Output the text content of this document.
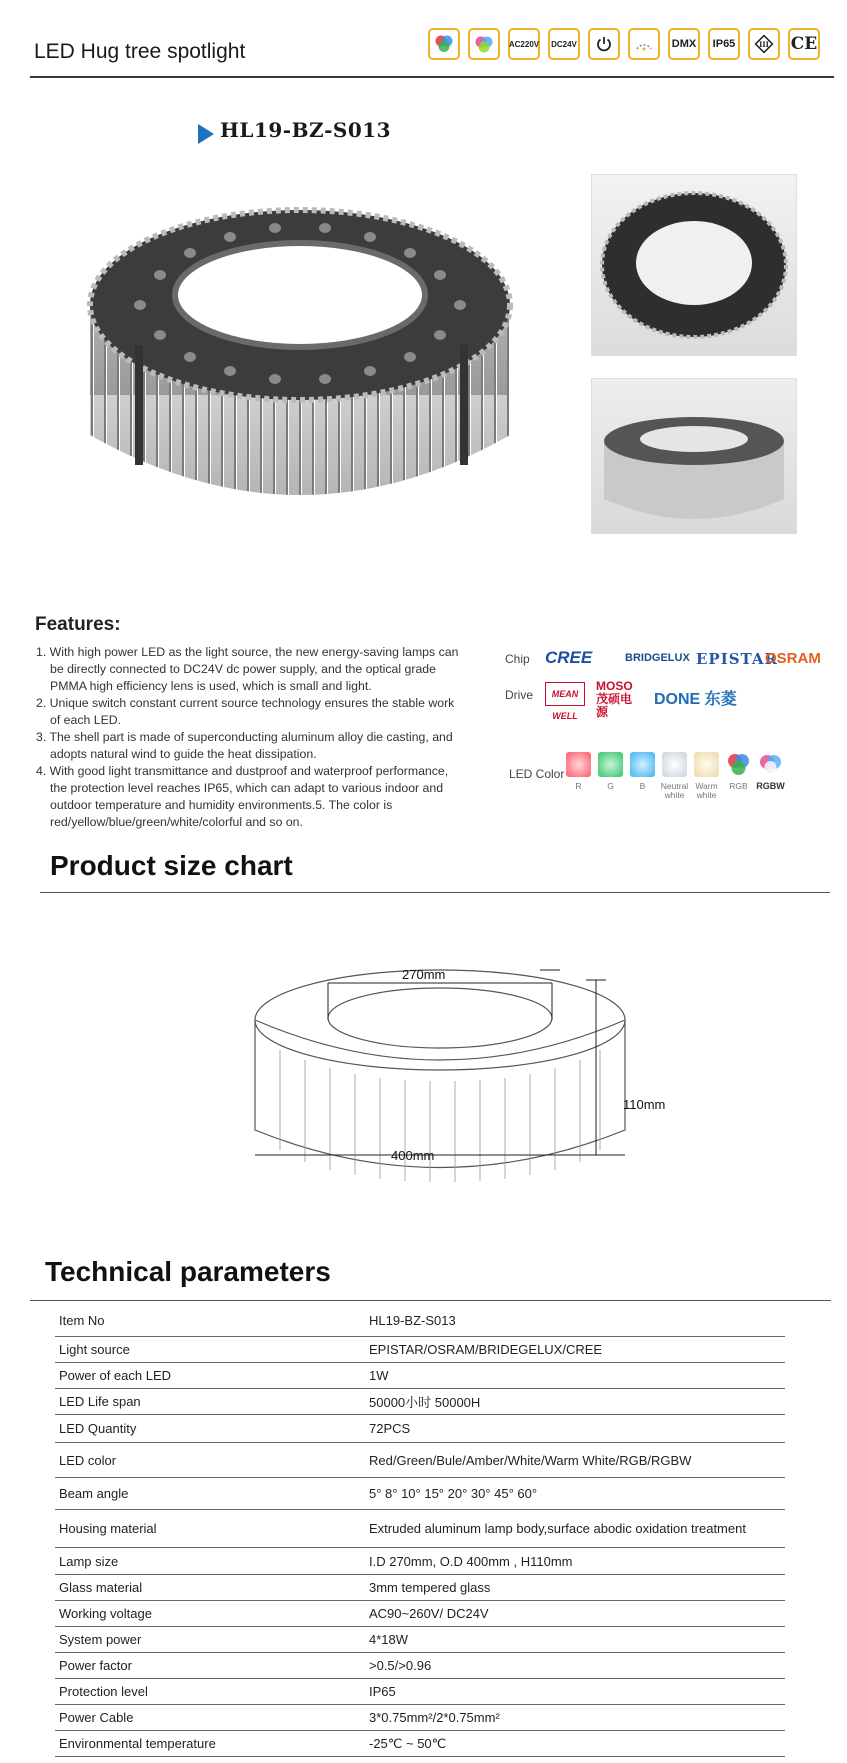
LED Hug tree spotlight	AC220V	DC24V	DMX	IP65	III CE
HL19-BZ-S013
Features:
1. With high power LED as the light source, the new energy-saving lamps can be directly connected to DC24V dc power supply, and the optical grade PMMA high efficiency lens is used, which is small and light.
2. Unique switch constant current source technology ensures the stable work of each LED.
3. The shell part is made of superconducting aluminum alloy die casting, and adopts natural wind to guide the heat dissipation.
4. With good light transmittance and dustproof and waterproof performance, the protection level reaches IP65, which can adapt to various indoor and outdoor temperature and humidity environments.5. The color is red/yellow/blue/green/white/colorful and so on.
Chip CREE	BRIDGELUX EPISTAR
OSRAM
Drive	MEAN WELL
MOSO 茂硕电源
DONE 东菱
LED Color
R	G	B Neutral white
Warm white
RGB RGBW
Product size chart
270mm
400mm
110mm
Technical parameters
Item No	HL19-BZ-S013
Light source	EPISTAR/OSRAM/BRIDEGELUX/CREE
Power of each LED	1W
LED Life span	50000小时 50000H
LED Quantity	72PCS
LED color	Red/Green/Bule/Amber/White/Warm White/RGB/RGBW
Beam angle	5° 8° 10° 15° 20° 30° 45° 60°
Housing material	Extruded aluminum lamp body,surface abodic oxidation treatment
Lamp size	I.D 270mm, O.D 400mm , H110mm
Glass material	3mm tempered glass
Working voltage	AC90~260V/ DC24V
System power	4*18W
Power factor	>0.5/>0.96
Protection level	IP65
Power Cable	3*0.75mm²/2*0.75mm²
Environmental temperature	-25℃ ~ 50℃
